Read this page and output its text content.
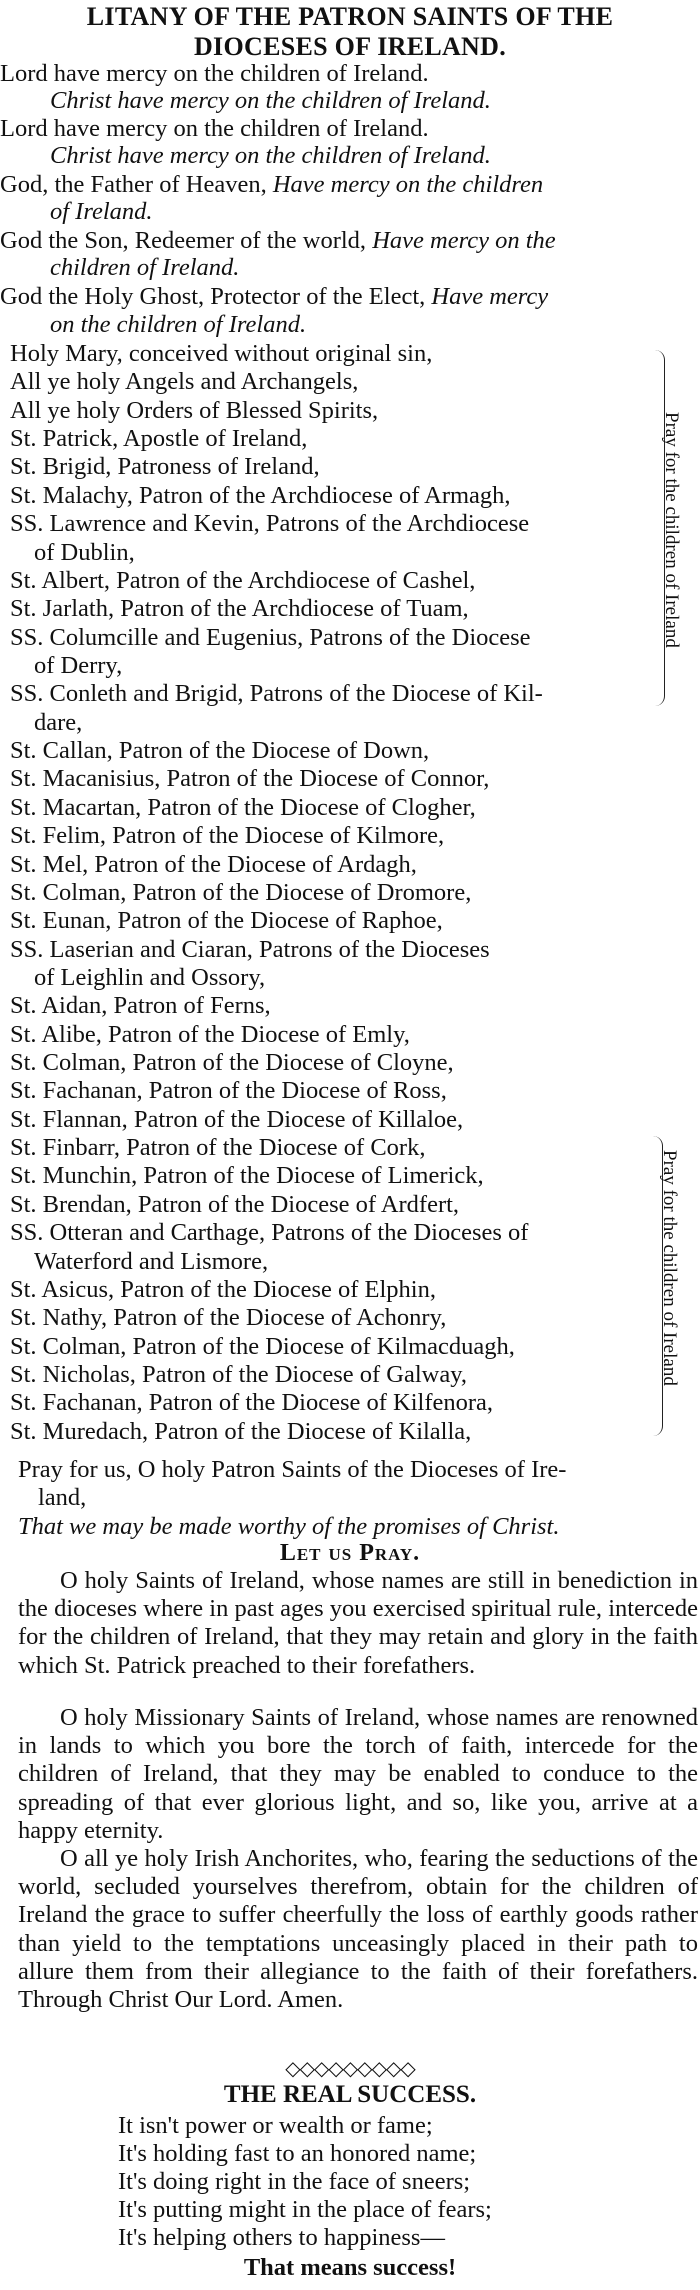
LITANY OF THE PATRON SAINTS OF THE
DIOCESES OF IRELAND.
Lord have mercy on the children of Ireland.
Christ have mercy on the children of Ireland.
Lord have mercy on the children of Ireland.
Christ have mercy on the children of Ireland.
God, the Father of Heaven, Have mercy on the children
of Ireland.
God the Son, Redeemer of the world, Have mercy on the
children of Ireland.
God the Holy Ghost, Protector of the Elect, Have mercy
on the children of Ireland.
Holy Mary, conceived without original sin,
All ye holy Angels and Archangels,
All ye holy Orders of Blessed Spirits,
St. Patrick, Apostle of Ireland,
St. Brigid, Patroness of Ireland,
St. Malachy, Patron of the Archdiocese of Armagh,
SS. Lawrence and Kevin, Patrons of the Archdiocese
of Dublin,
St. Albert, Patron of the Archdiocese of Cashel,
St. Jarlath, Patron of the Archdiocese of Tuam,
SS. Columcille and Eugenius, Patrons of the Diocese
of Derry,
SS. Conleth and Brigid, Patrons of the Diocese of Kil-
dare,
St. Callan, Patron of the Diocese of Down,
St. Macanisius, Patron of the Diocese of Connor,
St. Macartan, Patron of the Diocese of Clogher,
St. Felim, Patron of the Diocese of Kilmore,
St. Mel, Patron of the Diocese of Ardagh,
St. Colman, Patron of the Diocese of Dromore,
St. Eunan, Patron of the Diocese of Raphoe,
SS. Laserian and Ciaran, Patrons of the Dioceses
of Leighlin and Ossory,
St. Aidan, Patron of Ferns,
St. Alibe, Patron of the Diocese of Emly,
St. Colman, Patron of the Diocese of Cloyne,
St. Fachanan, Patron of the Diocese of Ross,
St. Flannan, Patron of the Diocese of Killaloe,
St. Finbarr, Patron of the Diocese of Cork,
St. Munchin, Patron of the Diocese of Limerick,
St. Brendan, Patron of the Diocese of Ardfert,
SS. Otteran and Carthage, Patrons of the Dioceses of
Waterford and Lismore,
St. Asicus, Patron of the Diocese of Elphin,
St. Nathy, Patron of the Diocese of Achonry,
St. Colman, Patron of the Diocese of Kilmacduagh,
St. Nicholas, Patron of the Diocese of Galway,
St. Fachanan, Patron of the Diocese of Kilfenora,
St. Muredach, Patron of the Diocese of Kilalla,
Pray for the children of Ireland
Pray for the children of Ireland
Pray for us, O holy Patron Saints of the Dioceses of Ire-
land,
That we may be made worthy of the promises of Christ.
Let us Pray.
O holy Saints of Ireland, whose names are still in benediction in the dioceses where in past ages you exercised spiritual rule, intercede for the children of Ireland, that they may retain and glory in the faith which St. Patrick preached to their forefathers.
O holy Missionary Saints of Ireland, whose names are renowned in lands to which you bore the torch of faith, intercede for the children of Ireland, that they may be enabled to conduce to the spreading of that ever glorious light, and so, like you, arrive at a happy eternity.
O all ye holy Irish Anchorites, who, fearing the seductions of the world, secluded yourselves therefrom, obtain for the children of Ireland the grace to suffer cheerfully the loss of earthly goods rather than yield to the temptations unceasingly placed in their path to allure them from their allegiance to the faith of their forefathers. Through Christ Our Lord. Amen.
◇◇◇◇◇◇◇◇◇
THE REAL SUCCESS.
It isn't power or wealth or fame;
It's holding fast to an honored name;
It's doing right in the face of sneers;
It's putting might in the place of fears;
It's helping others to happiness—
That means success!
